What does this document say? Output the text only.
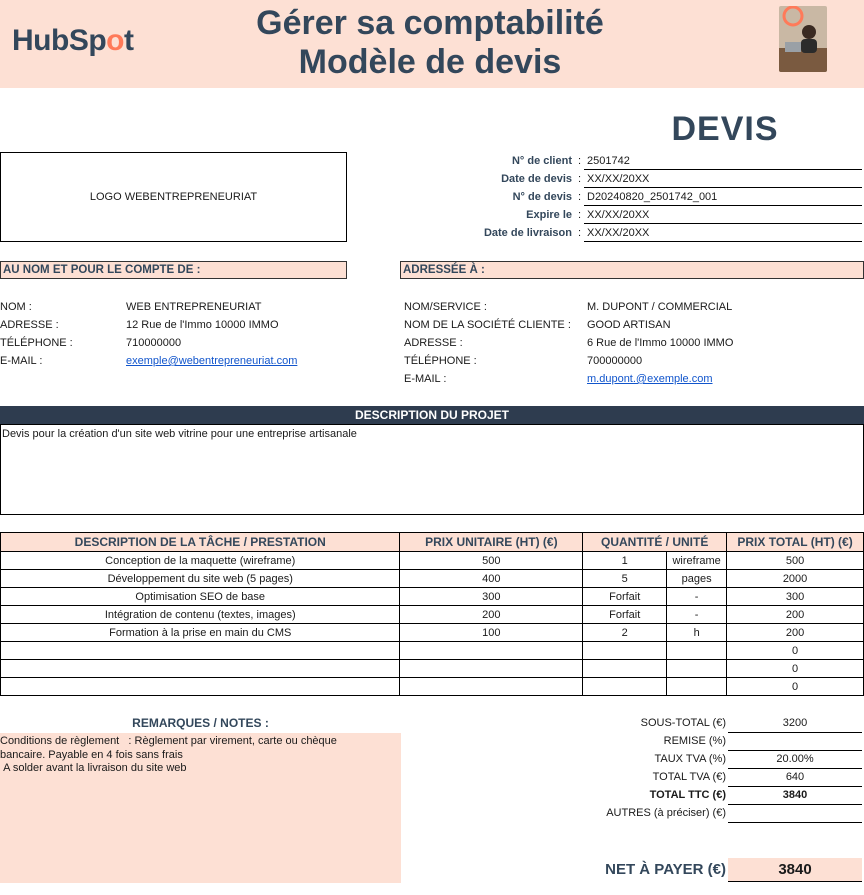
HubSpot	Gérer sa comptabilité
Modèle de devis
DEVIS
LOGO WEBENTREPRENEURIAT
N° de client : 2501742
Date de devis : XX/XX/20XX
N° de devis : D20240820_2501742_001
Expire le : XX/XX/20XX
Date de livraison : XX/XX/20XX
AU NOM ET POUR LE COMPTE DE :	ADRESSÉE À :
NOM :	WEB ENTREPRENEURIAT
ADRESSE :	12 Rue de l'Immo 10000 IMMO
TÉLÉPHONE :	710000000
E-MAIL :	exemple@webentrepreneuriat.com
NOM/SERVICE :	M. DUPONT / COMMERCIAL
NOM DE LA SOCIÉTÉ CLIENTE : GOOD ARTISAN
ADRESSE :	6 Rue de l'Immo 10000 IMMO
TÉLÉPHONE :	700000000
E-MAIL :	m.dupont.@exemple.com
DESCRIPTION DU PROJET
Devis pour la création d'un site web vitrine pour une entreprise artisanale
DESCRIPTION DE LA TÂCHE / PRESTATION	PRIX UNITAIRE (HT) (€)	QUANTITÉ / UNITÉ		PRIX TOTAL (HT) (€)
Conception de la maquette (wireframe)	500	1	wireframe	500
Développement du site web (5 pages)	400	5	pages	2000
Optimisation SEO de base	300	Forfait	-	300
Intégration de contenu (textes, images)	200	Forfait	-	200
Formation à la prise en main du CMS	100	2	h	200
				0
				0
				0
REMARQUES / NOTES :
Conditions de règlement   : Règlement par virement, carte ou chèque
bancaire. Payable en 4 fois sans frais
A solder avant la livraison du site web
SOUS-TOTAL (€)	3200
REMISE (%)
TAUX TVA (%)	20.00%
TOTAL TVA (€)	640
TOTAL TTC (€)	3840
AUTRES (à préciser) (€)
NET À PAYER (€)	3840
